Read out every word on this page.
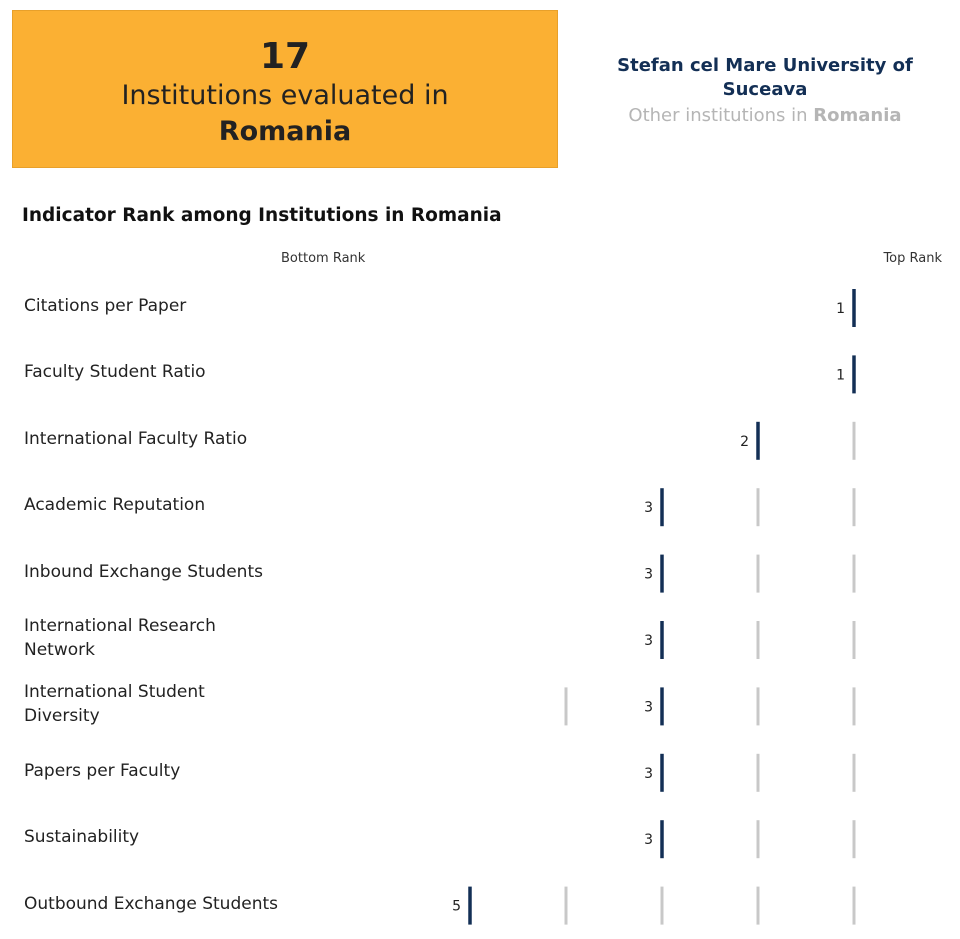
17
Institutions evaluated in
Romania
Stefan cel Mare University of Suceava
Other institutions in Romania
Indicator Rank among Institutions in Romania
Bottom Rank	Top Rank
Citations per Paper
Faculty Student Ratio
International Faculty Ratio
Academic Reputation
Inbound Exchange Students
International Research Network
International Student Diversity
Papers per Faculty
Sustainability
Outbound Exchange Students
1
1
2
3
3
3
3
3
3
5
